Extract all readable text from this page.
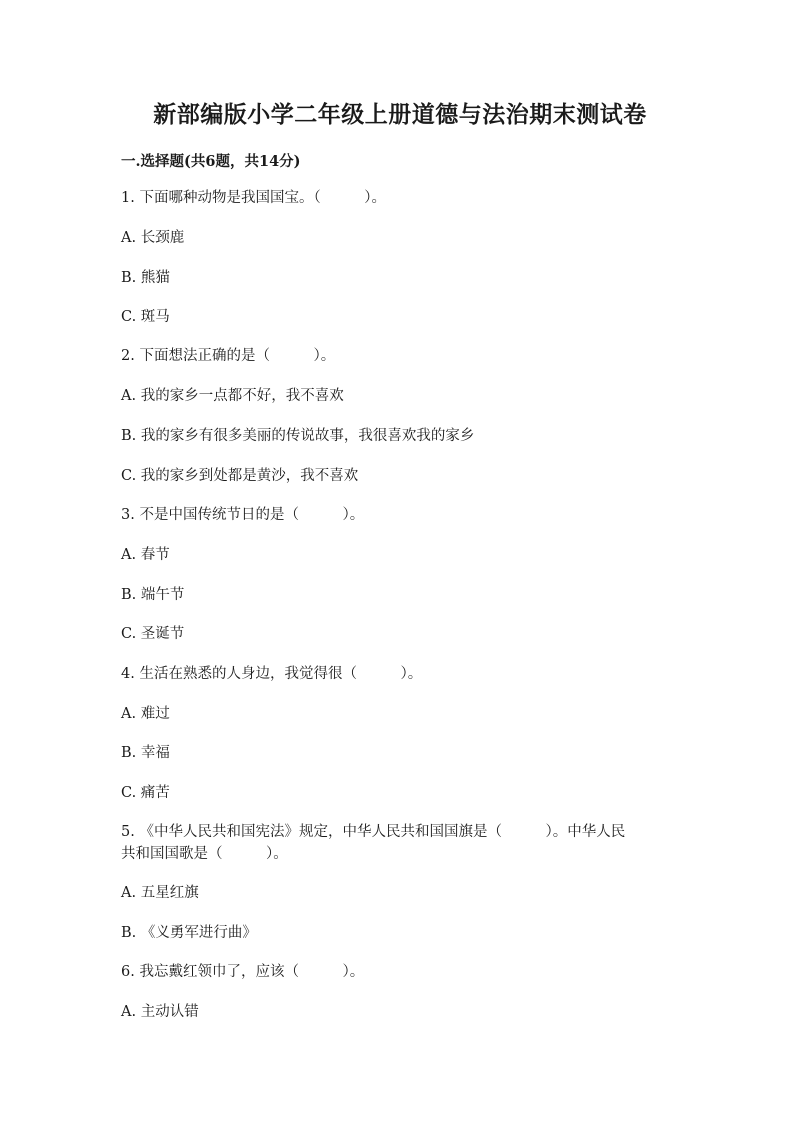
新部编版小学二年级上册道德与法治期末测试卷
一.选择题(共6题，共14分)
1. 下面哪种动物是我国国宝。（　　　）。
A. 长颈鹿
B. 熊猫
C. 斑马
2. 下面想法正确的是（　　　）。
A. 我的家乡一点都不好，我不喜欢
B. 我的家乡有很多美丽的传说故事，我很喜欢我的家乡
C. 我的家乡到处都是黄沙，我不喜欢
3. 不是中国传统节日的是（　　　）。
A. 春节
B. 端午节
C. 圣诞节
4. 生活在熟悉的人身边，我觉得很（　　　）。
A. 难过
B. 幸福
C. 痛苦
5. 《中华人民共和国宪法》规定，中华人民共和国国旗是（　　　）。中华人民
共和国国歌是（　　　）。
A. 五星红旗
B. 《义勇军进行曲》
6. 我忘戴红领巾了，应该（　　　）。
A. 主动认错
